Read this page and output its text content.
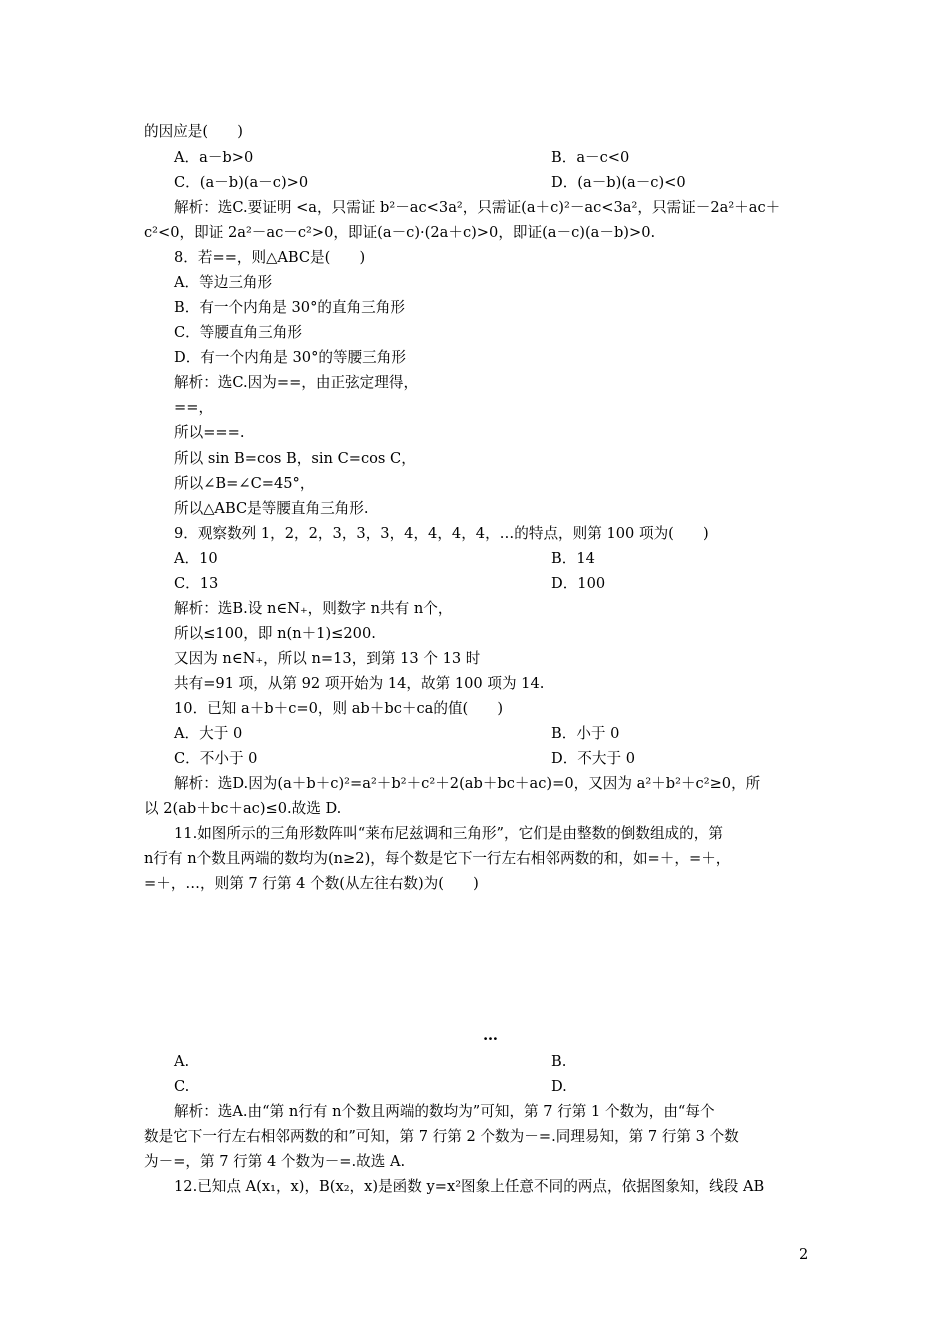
的因应是(　　)
A．a－b>0	B．a－c<0
C．(a－b)(a－c)>0	D．(a－b)(a－c)<0
解析：选C.要证明 <a，只需证 b²－ac<3a²，只需证(a＋c)²－ac<3a²，只需证－2a²＋ac＋
c²<0，即证 2a²－ac－c²>0，即证(a－c)·(2a＋c)>0，即证(a－c)(a－b)>0.
8．若==，则△ABC是(　　)
A．等边三角形
B．有一个内角是 30°的直角三角形
C．等腰直角三角形
D．有一个内角是 30°的等腰三角形
解析：选C.因为==，由正弦定理得，
==，
所以===.
所以 sin B=cos B，sin C=cos C，
所以∠B=∠C=45°，
所以△ABC是等腰直角三角形.
9．观察数列 1，2，2，3，3，3，4，4，4，4，…的特点，则第 100 项为(　　)
A．10	B．14
C．13	D．100
解析：选B.设 n∈N₊，则数字 n共有 n个，
所以≤100，即 n(n＋1)≤200.
又因为 n∈N₊，所以 n=13，到第 13 个 13 时
共有=91 项，从第 92 项开始为 14，故第 100 项为 14.
10．已知 a＋b＋c=0，则 ab＋bc＋ca的值(　　)
A．大于 0	B．小于 0
C．不小于 0	D．不大于 0
解析：选D.因为(a＋b＋c)²=a²＋b²＋c²＋2(ab＋bc＋ac)=0，又因为 a²＋b²＋c²≥0，所
以 2(ab＋bc＋ac)≤0.故选 D.
11.如图所示的三角形数阵叫“莱布尼兹调和三角形”，它们是由整数的倒数组成的，第
n行有 n个数且两端的数均为(n≥2)，每个数是它下一行左右相邻两数的和，如=＋，=＋，
=＋，…，则第 7 行第 4 个数(从左往右数)为(　　)
…
A.	B.
C.	D.
解析：选A.由“第 n行有 n个数且两端的数均为”可知，第 7 行第 1 个数为，由“每个
数是它下一行左右相邻两数的和”可知，第 7 行第 2 个数为－=.同理易知，第 7 行第 3 个数
为－=，第 7 行第 4 个数为－=.故选 A.
12.已知点 A(x₁，x)，B(x₂，x)是函数 y=x²图象上任意不同的两点，依据图象知，线段 AB
2
